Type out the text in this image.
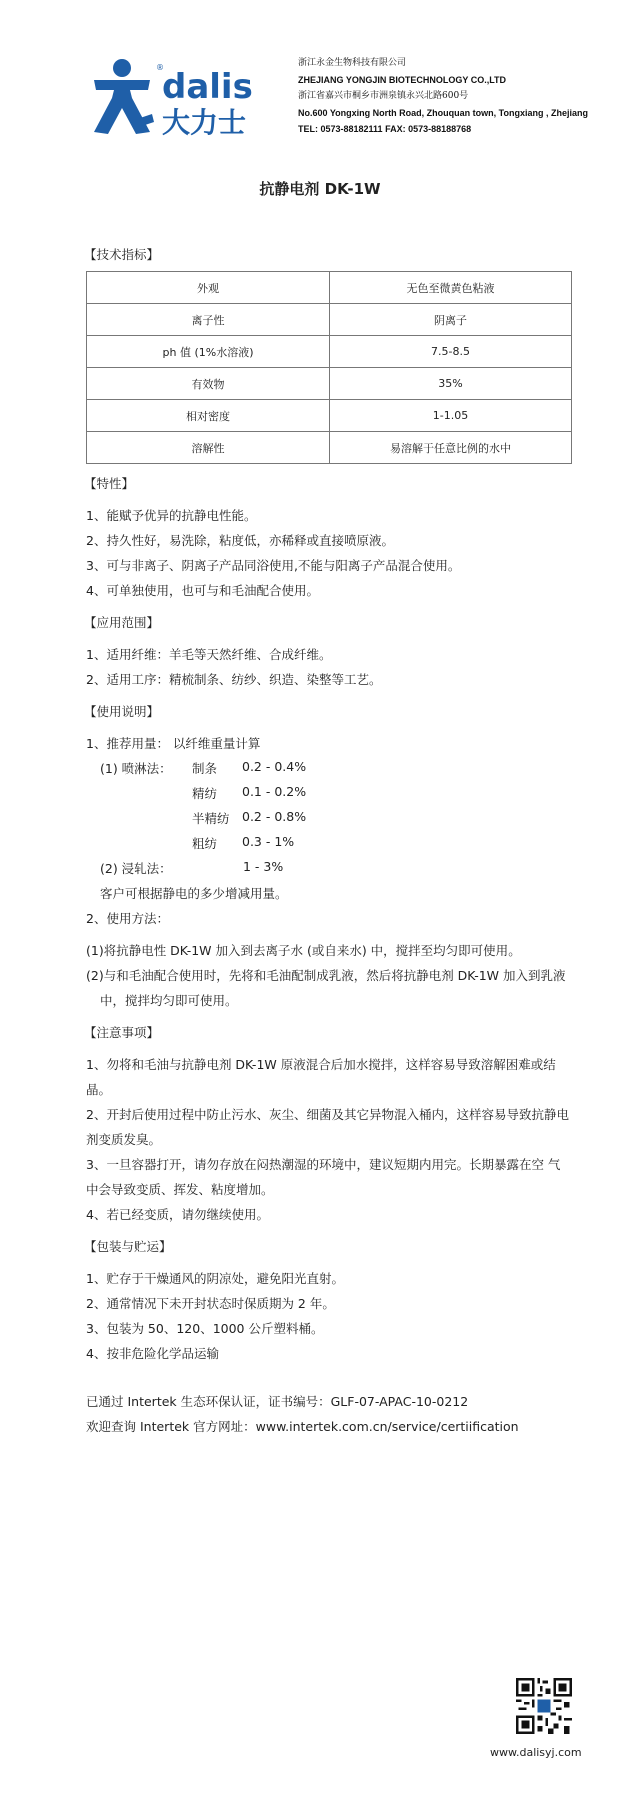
®
dalis
大力士
浙江永金生物科技有限公司
ZHEJIANG YONGJIN BIOTECHNOLOGY CO.,LTD
浙江省嘉兴市桐乡市洲泉镇永兴北路600号
No.600 Yongxing North Road, Zhouquan town, Tongxiang , Zhejiang
TEL: 0573-88182111 FAX: 0573-88188768
抗静电剂 DK-1W
【技术指标】
外观	无色至微黄色粘液
离子性	阴离子
ph 值 (1%水溶液)	7.5-8.5
有效物	35%
相对密度	1-1.05
溶解性	易溶解于任意比例的水中
【特性】
1、能赋予优异的抗静电性能。
2、持久性好，易洗除，粘度低，亦稀释或直接喷原液。
3、可与非离子、阴离子产品同浴使用,不能与阳离子产品混合使用。
4、可单独使用，也可与和毛油配合使用。
【应用范围】
1、适用纤维：羊毛等天然纤维、合成纤维。
2、适用工序：精梳制条、纺纱、织造、染整等工艺。
【使用说明】
1、推荐用量： 以纤维重量计算
(1) 喷淋法： 制条 0.2 - 0.4%
精纺 0.1 - 0.2%
半精纺 0.2 - 0.8%
粗纺 0.3 - 1%
(2) 浸轧法：	1 - 3%
客户可根据静电的多少增减用量。
2、使用方法：
(1)将抗静电性 DK-1W 加入到去离子水 (或自来水) 中，搅拌至均匀即可使用。
(2)与和毛油配合使用时，先将和毛油配制成乳液，然后将抗静电剂 DK-1W 加入到乳液
中，搅拌均匀即可使用。
【注意事项】
1、勿将和毛油与抗静电剂 DK-1W 原液混合后加水搅拌，这样容易导致溶解困难或结
晶。
2、开封后使用过程中防止污水、灰尘、细菌及其它异物混入桶内，这样容易导致抗静电
剂变质发臭。
3、一旦容器打开，请勿存放在闷热潮湿的环境中，建议短期内用完。长期暴露在空 气
中会导致变质、挥发、粘度增加。
4、若已经变质，请勿继续使用。
【包装与贮运】
1、贮存于干燥通风的阴凉处，避免阳光直射。
2、通常情况下未开封状态时保质期为 2 年。
3、包装为 50、120、1000 公斤塑料桶。
4、按非危险化学品运输
已通过 Intertek 生态环保认证，证书编号：GLF-07-APAC-10-0212
欢迎查询 Intertek 官方网址：www.intertek.com.cn/service/certiification
www.dalisyj.com
